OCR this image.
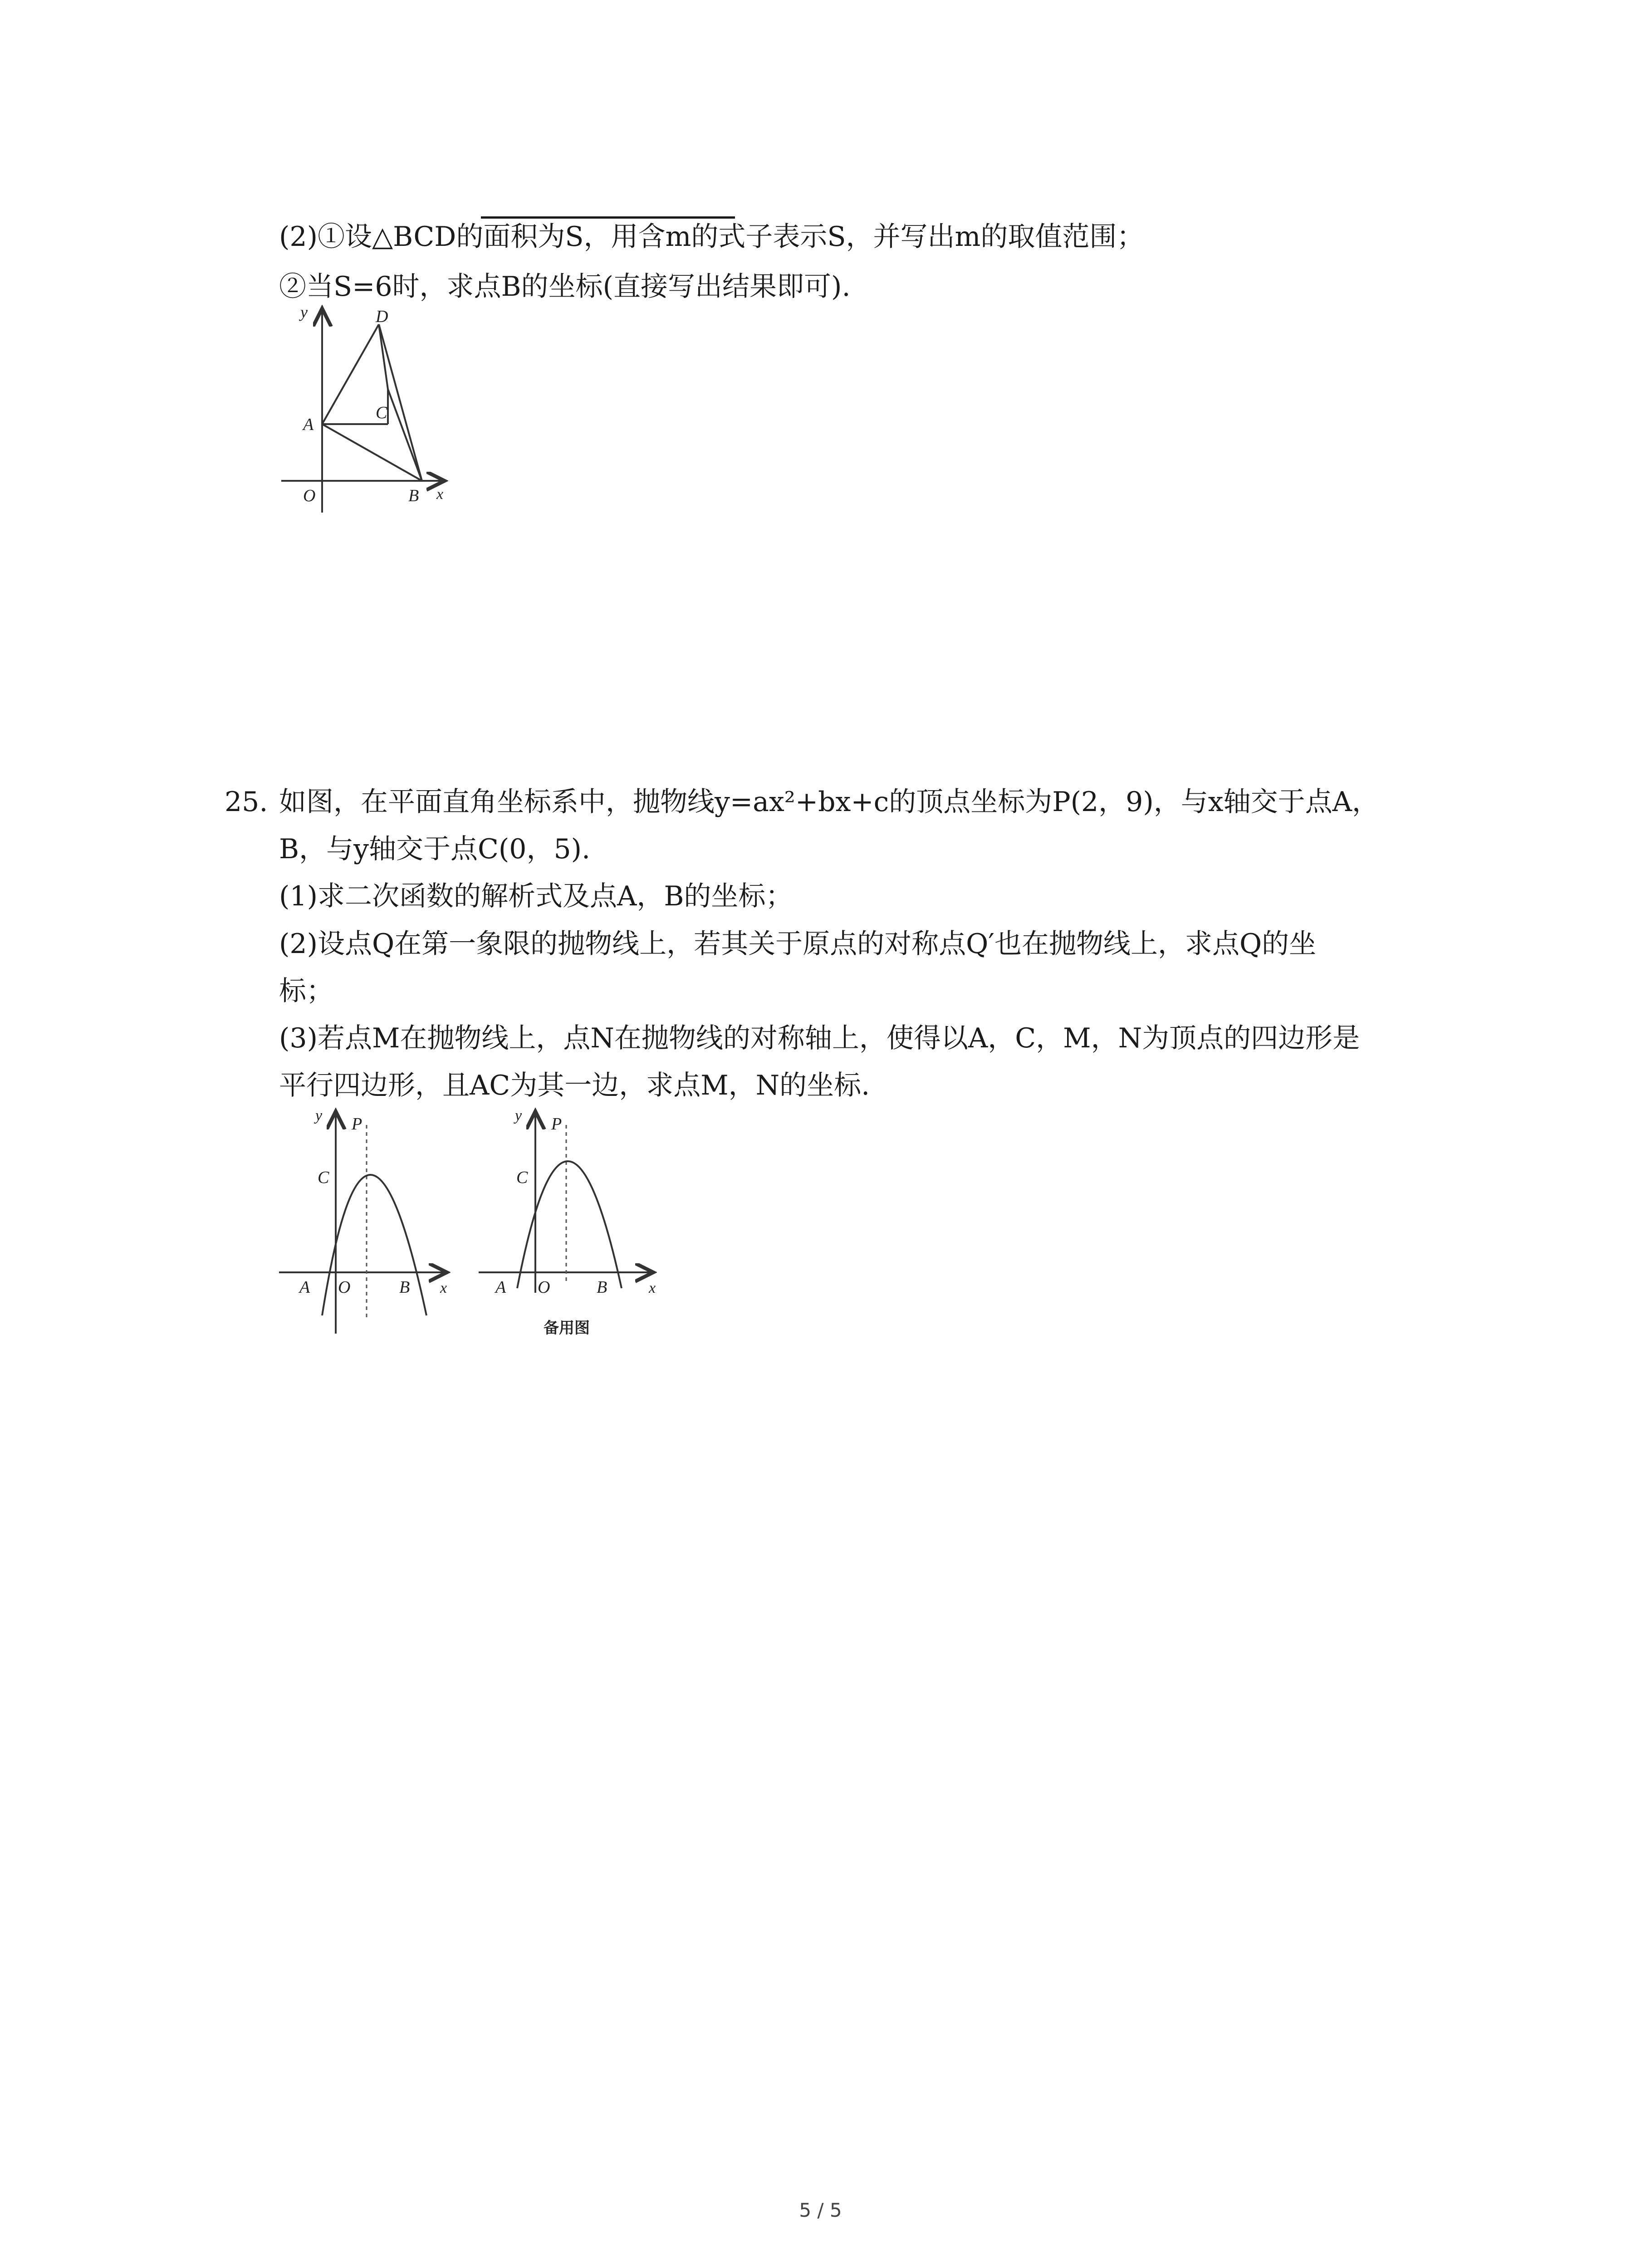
(2)①设△BCD的面积为S，用含m的式子表示S，并写出m的取值范围；
②当S=6时，求点B的坐标(直接写出结果即可).
y	D
A
C
O	B x
25. 如图，在平面直角坐标系中，抛物线y=ax²+bx+c的顶点坐标为P(2，9)，与x轴交于点A，
B，与y轴交于点C(0，5).
(1)求二次函数的解析式及点A，B的坐标；
(2)设点Q在第一象限的抛物线上，若其关于原点的对称点Q′也在抛物线上，求点Q的坐
标；
(3)若点M在抛物线上，点N在抛物线的对称轴上，使得以A，C，M，N为顶点的四边形是
平行四边形，且AC为其一边，求点M，N的坐标.
y P
C
A O	B x
y P
C
A O	B	x
备用图
5 / 5
